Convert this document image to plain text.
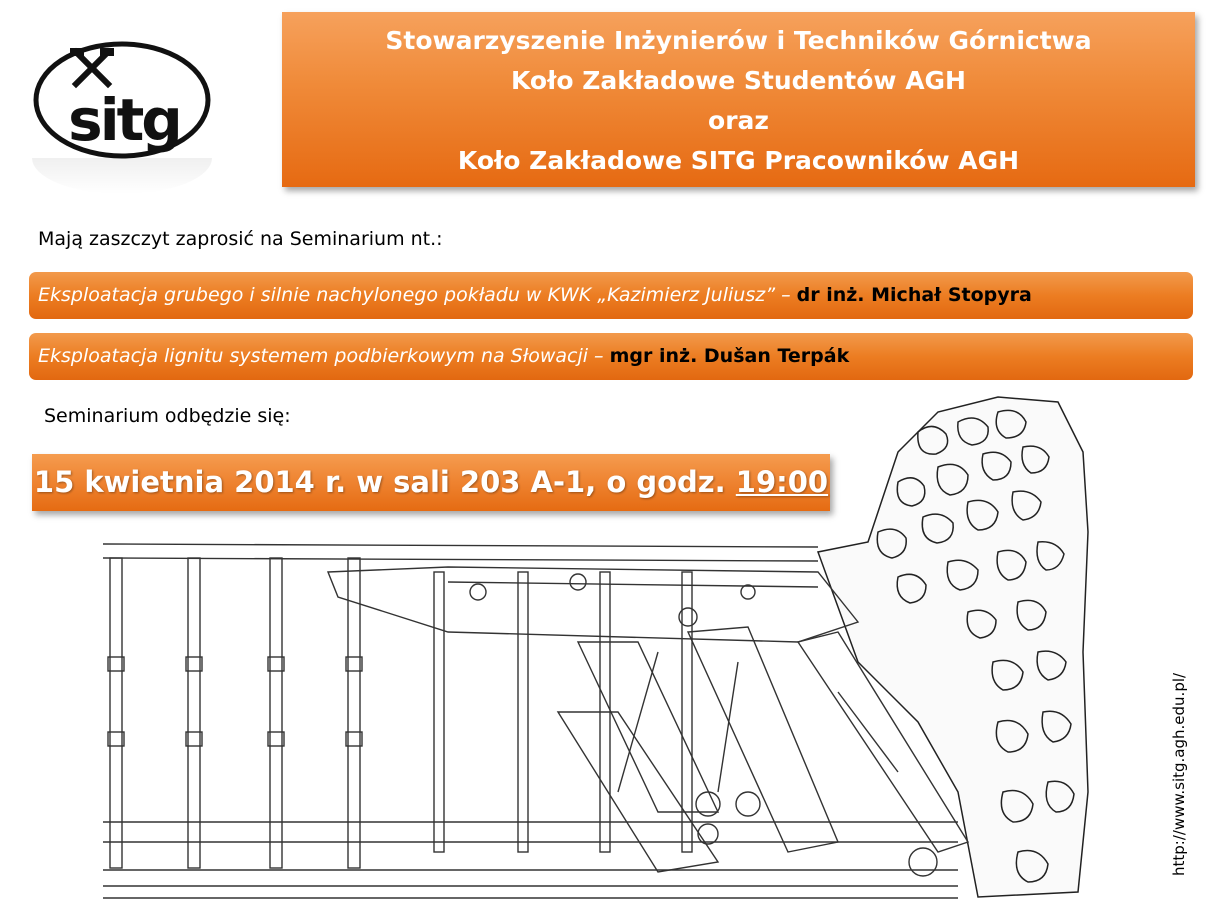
sitg
Stowarzyszenie Inżynierów i Techników Górnictwa
Koło Zakładowe Studentów AGH
oraz
Koło Zakładowe SITG Pracowników AGH
Mają zaszczyt zaprosić na Seminarium nt.:
Eksploatacja grubego i silnie nachylonego pokładu w KWK „Kazimierz Juliusz” – dr inż. Michał Stopyra
Eksploatacja lignitu systemem podbierkowym na Słowacji – mgr inż. Dušan Terpák
Seminarium odbędzie się:
15 kwietnia 2014 r. w sali 203 A-1, o godz. 19:00
http://www.sitg.agh.edu.pl/
